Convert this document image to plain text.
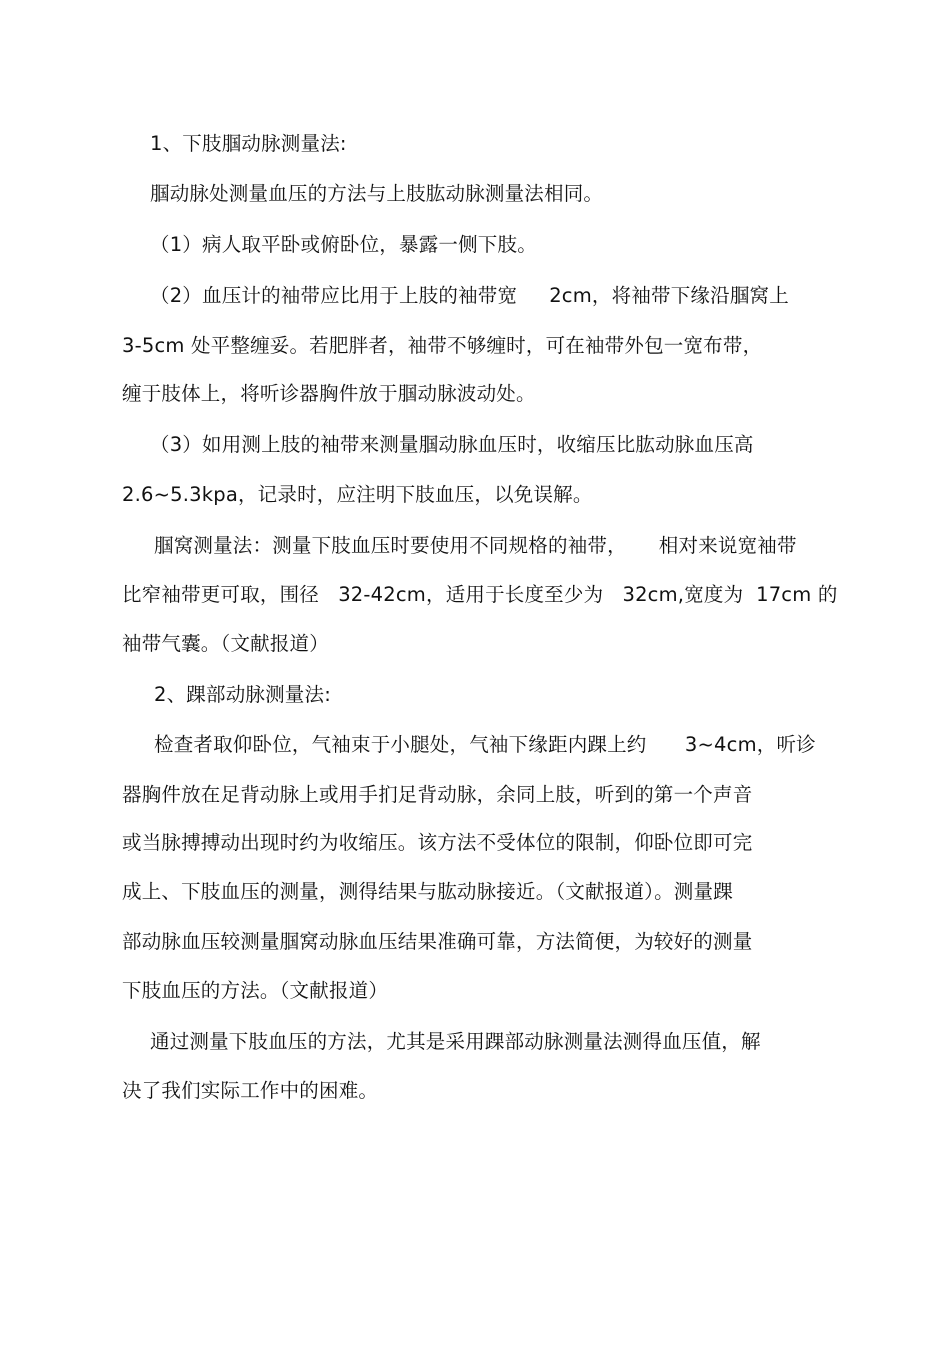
1、下肢腘动脉测量法:
腘动脉处测量血压的方法与上肢肱动脉测量法相同。
（1）病人取平卧或俯卧位，暴露一侧下肢。
（2）血压计的袖带应比用于上肢的袖带宽     2cm，将袖带下缘沿腘窝上
3-5cm 处平整缠妥。若肥胖者，袖带不够缠时，可在袖带外包一宽布带，
缠于肢体上，将听诊器胸件放于腘动脉波动处。
（3）如用测上肢的袖带来测量腘动脉血压时，收缩压比肱动脉血压高
2.6~5.3kpa，记录时，应注明下肢血压，以免误解。
腘窝测量法：测量下肢血压时要使用不同规格的袖带，     相对来说宽袖带
比窄袖带更可取，围径   32-42cm，适用于长度至少为   32cm,宽度为  17cm 的
袖带气囊。（文献报道）
2、踝部动脉测量法:
检查者取仰卧位，气袖束于小腿处，气袖下缘距内踝上约      3~4cm，听诊
器胸件放在足背动脉上或用手扪足背动脉，余同上肢，听到的第一个声音
或当脉搏搏动出现时约为收缩压。该方法不受体位的限制，仰卧位即可完
成上、下肢血压的测量，测得结果与肱动脉接近。（文献报道）。测量踝
部动脉血压较测量腘窝动脉血压结果准确可靠，方法简便，为较好的测量
下肢血压的方法。（文献报道）
通过测量下肢血压的方法，尤其是采用踝部动脉测量法测得血压值，解
决了我们实际工作中的困难。
